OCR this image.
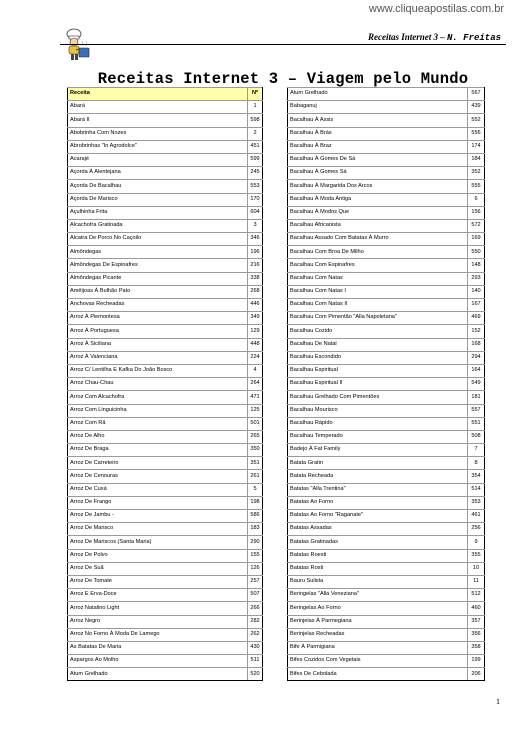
www.cliqueapostilas.com.br
Receitas Internet 3 – N. Freitas
Receitas Internet 3 – Viagem pelo Mundo
Receita	Nº
Abará	1
Abará II	598
Abobrinha Com Nozes	2
Abrobrinhas "In Agrodolce"	451
Acarajé	599
Açorda À Alentejana	245
Açorda De Bacalhau	553
Açorda De Marisco	170
Açulhinha Frita	604
Alcachofra Gratinada	3
Alcatra De Porco No Caçoilo	346
Almôndegas	196
Almôndegas De Espinafres	216
Almôndegas Picante	338
Amêijoas À Bulhão Pato	268
Anchovas Recheadas	446
Arroz À Piemontesa	349
Arroz À Portuguesa	129
Arroz À Siciliana	448
Arroz À Valenciana	224
Arroz C/ Lentilha E Kafka Do João Bosco	4
Arroz Chau-Chau	264
Arroz Com Alcachofra	471
Arroz Com Linguicinha	125
Arroz Com Rã	501
Arroz De Alho	265
Arroz De Braga	350
Arroz De Carreteiro	351
Arroz De Cenouras	261
Arroz De Cuxá	5
Arroz De Frango	198
Arroz De Jambu -	586
Arroz De Marisco	183
Arroz De Mariscos (Santa Maria)	290
Arroz De Polvo	155
Arroz De Suã	126
Arroz De Tomate	257
Arroz E Erva-Doce	507
Arroz Natalino Light	266
Arroz Negro	282
Arroz No Forno À Moda De Lamego	262
As Batatas De Maria	430
Aspargos Ao Molho	511
Atum Grelhado	520
Atum Grelhado	567
Babaganuj	439
Bacalhau À Assis	552
Bacalhau À Brás	556
Bacalhau À Braz	174
Bacalhau À Gomes De Sá	184
Bacalhau À Gomes Sá	352
Bacalhau À Margarida Dos Arcos	555
Bacalhau À Moda Antiga	6
Bacalhau À Modos Que	156
Bacalhau Africanista	572
Bacalhau Assado Com Batatas À Murro	169
Bacalhau Com Broa De Milho	550
Bacalhau Com Espinafres	148
Bacalhau Com Natas	293
Bacalhau Com Natas I	140
Bacalhau Com Natas II	167
Bacalhau Com Pimentão "Alla Napoletana"	469
Bacalhau Cozido	152
Bacalhau De Natal	168
Bacalhau Escondido	294
Bacalhau Espiritual	164
Bacalhau Espiritual II	549
Bacalhau Grelhado Com Pimentões	181
Bacalhau Mourisco	557
Bacalhau Rápido	551
Bacalhau Temperado	508
Badejo À Fat Family	7
Batata Gratin	8
Batata Recheada	354
Batatas "Alla Trentina"	514
Batatas Ao Forno	353
Batatas Ao Forno "Raganate"	461
Batatas Assadas	256
Batatas Gratinadas	9
Batatas Roesti	355
Batatas Rosti	10
Bauru Sulista	11
Beringelas "Alla Veneziana"	512
Beringelas Ao Forno	460
Berinjelas À Parmegiana	357
Berinjelas Recheadas	356
Bife À Parmigiana	358
Bifes Cozidos Com Vegetais	199
Bifes De Cebolada	206
1
